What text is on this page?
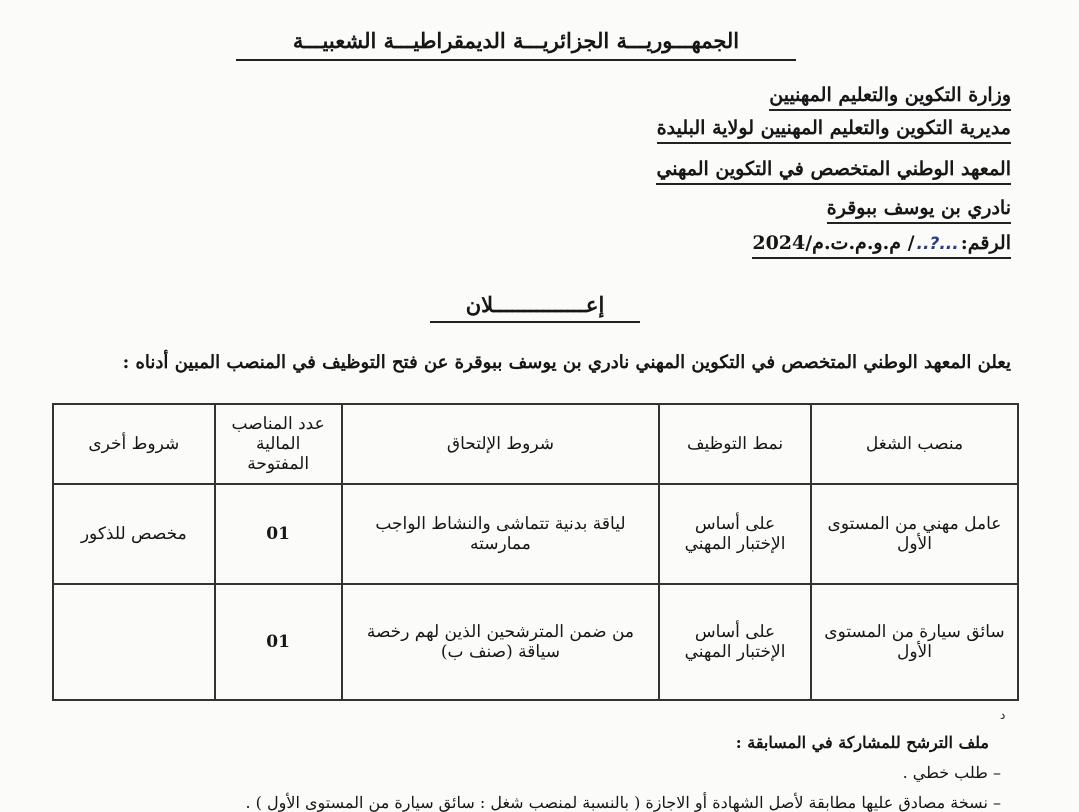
الجمهـــوريـــة الجزائريـــة الديمقراطيـــة الشعبيـــة
وزارة التكوين والتعليم المهنيين
مديرية التكوين والتعليم المهنيين لولاية البليدة
المعهد الوطني المتخصص في التكوين المهني
نادري بن يوسف ببوقرة
الرقم:...?../ م.و.م.ت.م/2024
إعـــــــــــــــلان
يعلن المعهد الوطني المتخصص في التكوين المهني نادري بن يوسف ببوقرة عن فتح التوظيف في المنصب المبين أدناه :
منصب الشغل	نمط التوظيف	شروط الإلتحاق	عدد المناصب المالية المفتوحة	شروط أخرى
عامل مهني من المستوى الأول	على أساس الإختبار المهني	لياقة بدنية تتماشى والنشاط الواجب ممارسته	01	مخصص للذكور
سائق سيارة من المستوى الأول	على أساس الإختبار المهني	من ضمن المترشحين الذين لهم رخصة سياقة (صنف ب)	01	
د
ملف الترشح للمشاركة في المسابقة :
– طلب خطي .
– نسخة مصادق عليها مطابقة لأصل الشهادة أو الاجازة ( بالنسبة لمنصب شغل : سائق سيارة من المستوى الأول ) .
